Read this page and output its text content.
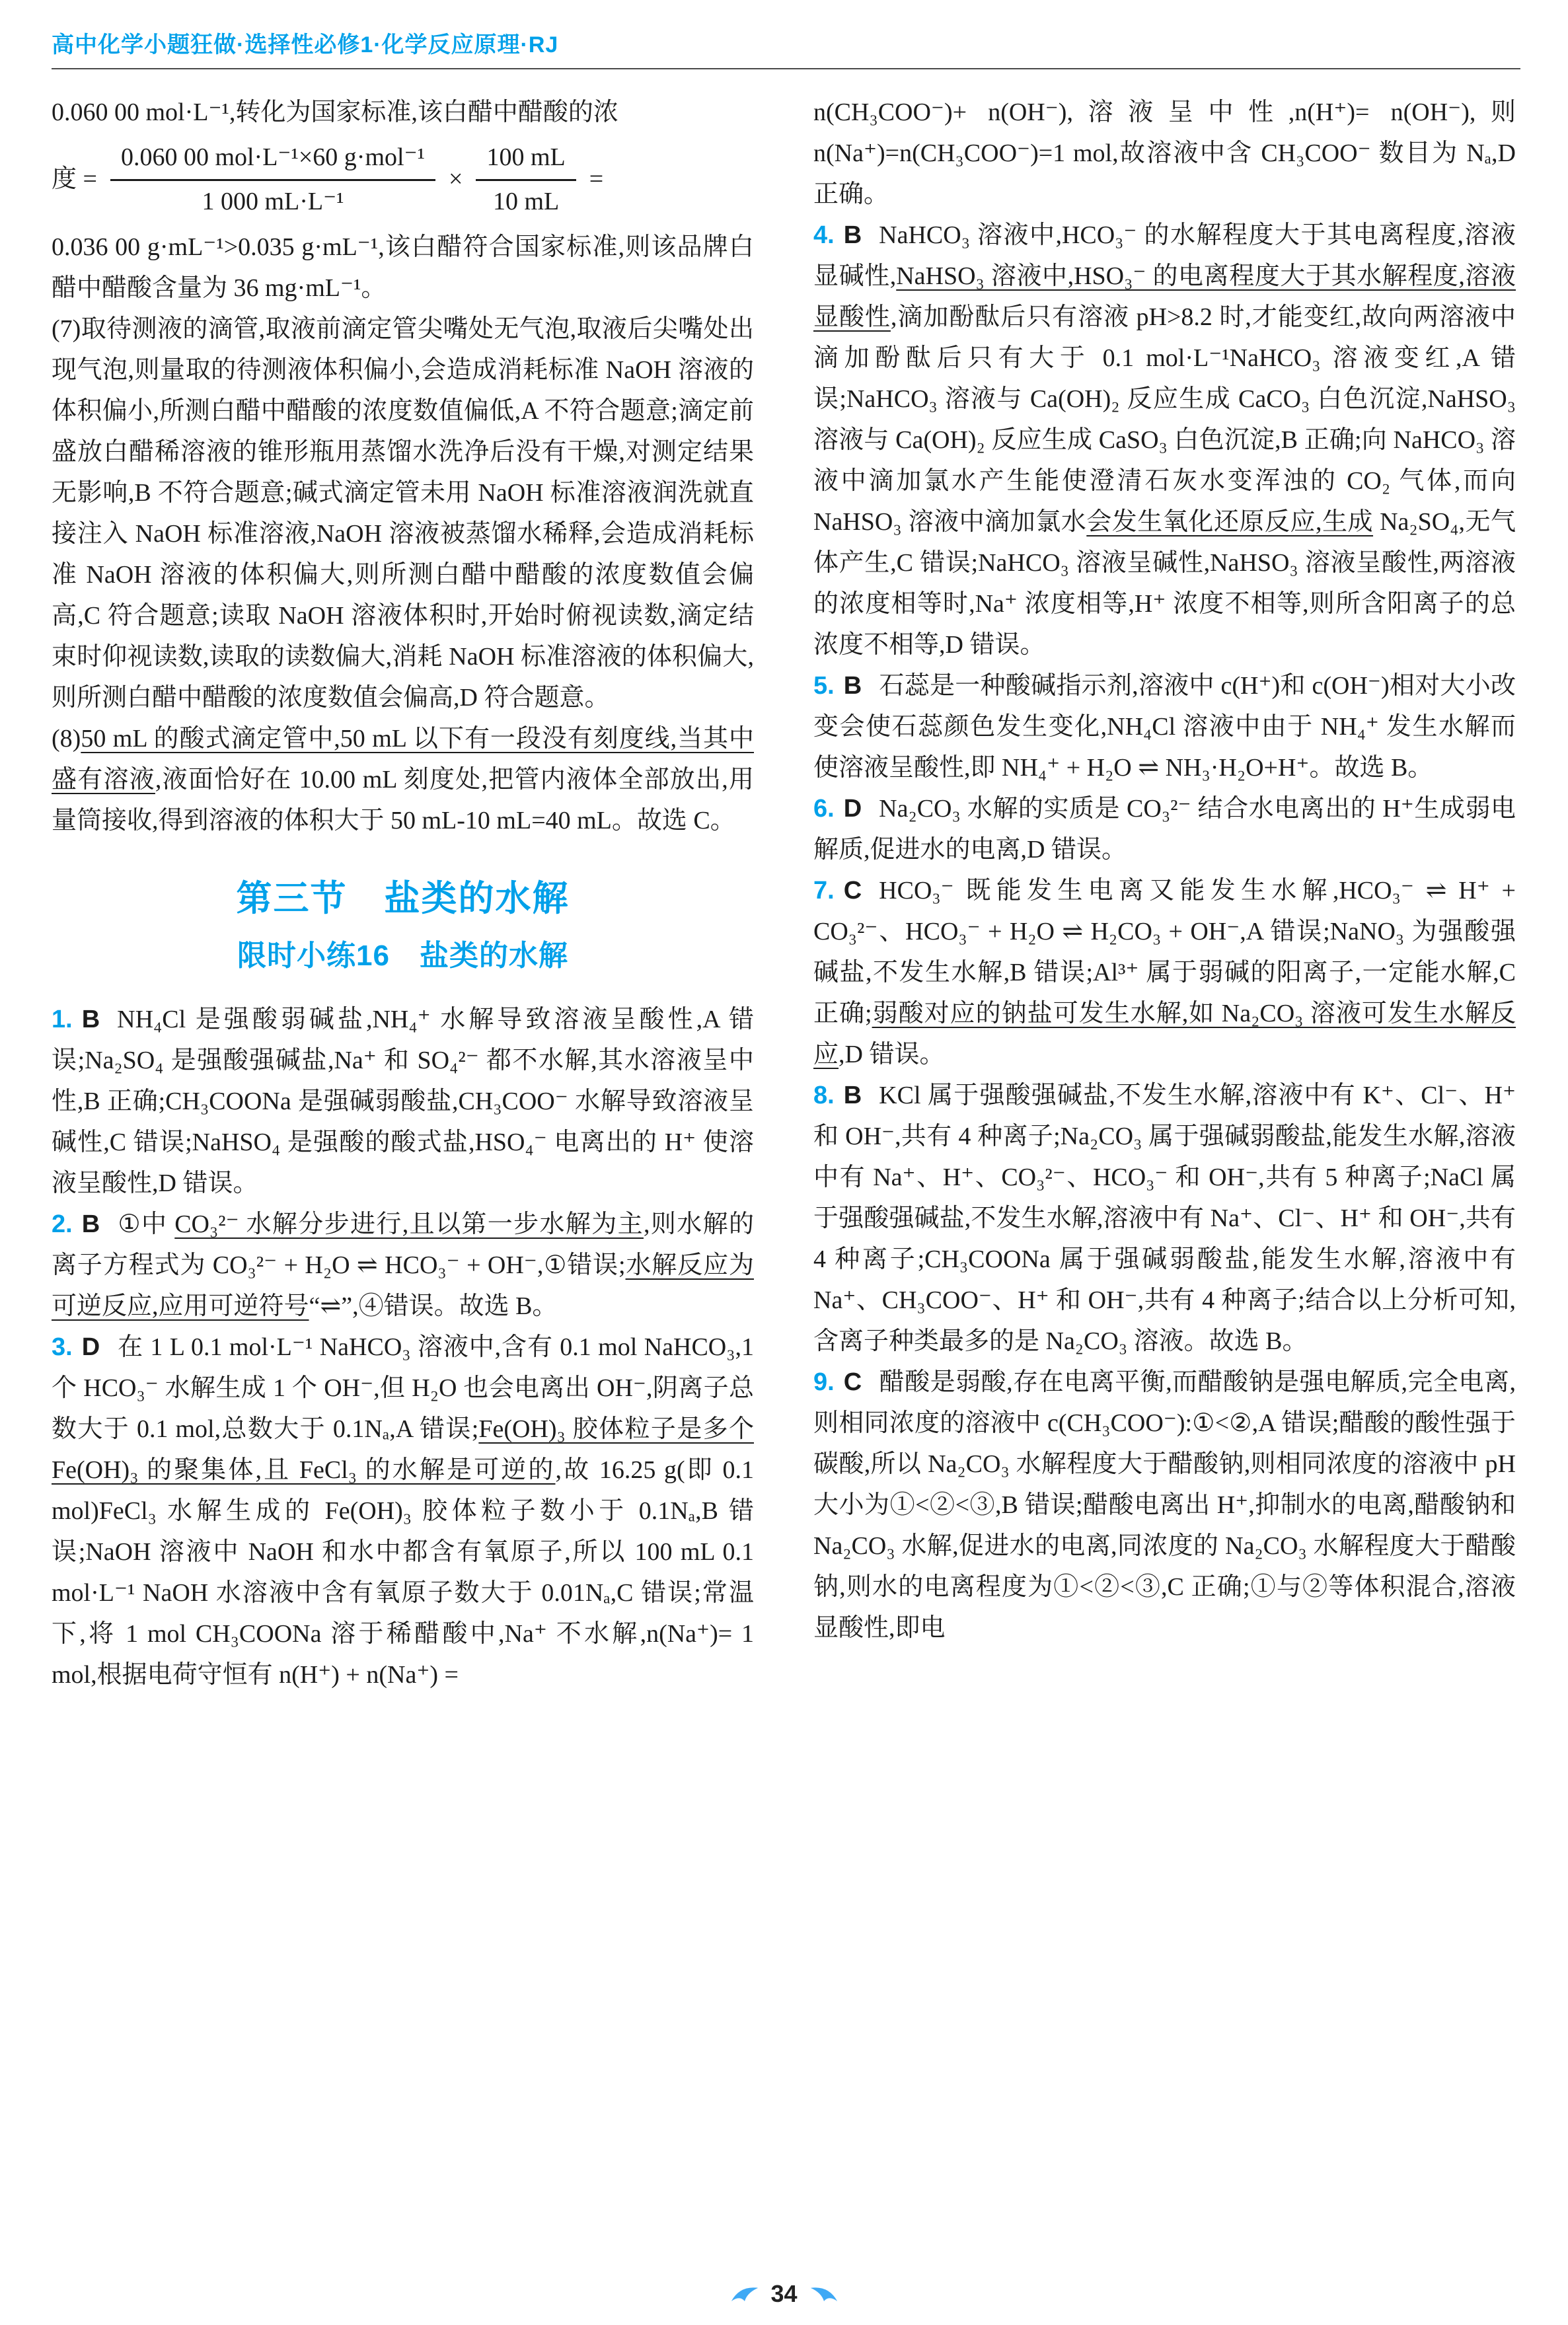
高中化学小题狂做·选择性必修1·化学反应原理·RJ

0.060 00 mol·L⁻¹,转化为国家标准,该白醋中醋酸的浓

度 = $\frac{\text{0.060 00 mol·L⁻¹×60 g·mol⁻¹}}{\text{1 000 mL·L⁻¹}} \times \frac{100 mL}{10 mL}$ =

0.036 00 g·mL⁻¹>0.035 g·mL⁻¹,该白醋符合国家标准,则该品牌白醋中醋酸含量为 36 mg·mL⁻¹。

(7)取待测液的滴管,取液前滴定管尖嘴处无气泡,取液后尖嘴处出现气泡,则量取的待测液体积偏小,会造成消耗标准 NaOH 溶液的体积偏小,所测白醋中醋酸的浓度数值偏低,A 不符合题意;滴定前盛放白醋稀溶液的锥形瓶用蒸馏水洗净后没有干燥,对测定结果无影响,B 不符合题意;碱式滴定管未用 NaOH 标准溶液润洗就直接注入 NaOH 标准溶液,NaOH 溶液被蒸馏水稀释,会造成消耗标准 NaOH 溶液的体积偏大,则所测白醋中醋酸的浓度数值会偏高,C 符合题意;读取 NaOH 溶液体积时,开始时俯视读数,滴定结束时仰视读数,读取的读数偏大,消耗 NaOH 标准溶液的体积偏大,则所测白醋中醋酸的浓度数值会偏高,D 符合题意。

(8)50 mL 的酸式滴定管中,50 mL 以下有一段没有刻度线,当其中盛有溶液,液面恰好在 10.00 mL 刻度处,把管内液体全部放出,用量筒接收,得到溶液的体积大于 50 mL-10 mL=40 mL。故选 C。

第三节　盐类的水解
限时小练16　盐类的水解

1. B NH₄Cl 是强酸弱碱盐,NH₄⁺ 水解导致溶液呈酸性,A 错误;Na₂SO₄ 是强酸强碱盐,Na⁺ 和 SO₄²⁻ 都不水解,其水溶液呈中性,B 正确;CH₃COONa 是强碱弱酸盐,CH₃COO⁻ 水解导致溶液呈碱性,C 错误;NaHSO₄ 是强酸的酸式盐,HSO₄⁻ 电离出的 H⁺ 使溶液呈酸性,D 错误。

2. B ①中 CO₃²⁻ 水解分步进行,且以第一步水解为主,则水解的离子方程式为 CO₃²⁻ + H₂O ⇌ HCO₃⁻ + OH⁻,①错误;水解反应为可逆反应,应用可逆符号“⇌”,④错误。故选 B。

3. D 在 1 L 0.1 mol·L⁻¹ NaHCO₃ 溶液中,含有 0.1 mol NaHCO₃,1 个 HCO₃⁻ 水解生成 1 个 OH⁻,但 H₂O 也会电离出 OH⁻,阴离子总数大于 0.1 mol,总数大于 0.1Nₐ,A 错误;Fe(OH)₃ 胶体粒子是多个 Fe(OH)₃ 的聚集体,且 FeCl₃ 的水解是可逆的,故 16.25 g(即 0.1 mol)FeCl₃ 水解生成的 Fe(OH)₃ 胶体粒子数小于 0.1Nₐ,B 错误;NaOH 溶液中 NaOH 和水中都含有氧原子,所以 100 mL 0.1 mol·L⁻¹ NaOH 水溶液中含有氧原子数大于 0.01Nₐ,C 错误;常温下,将 1 mol CH₃COONa 溶于稀醋酸中,Na⁺ 不水解,n(Na⁺)= 1 mol,根据电荷守恒有 n(H⁺) + n(Na⁺) =

n(CH₃COO⁻)+ n(OH⁻),溶液呈中性,n(H⁺)= n(OH⁻),则 n(Na⁺)=n(CH₃COO⁻)=1 mol,故溶液中含 CH₃COO⁻ 数目为 Nₐ,D 正确。

4. B NaHCO₃ 溶液中,HCO₃⁻ 的水解程度大于其电离程度,溶液显碱性,NaHSO₃ 溶液中,HSO₃⁻ 的电离程度大于其水解程度,溶液显酸性,滴加酚酞后只有溶液 pH>8.2 时,才能变红,故向两溶液中滴加酚酞后只有大于 0.1 mol·L⁻¹NaHCO₃ 溶液变红,A 错误;NaHCO₃ 溶液与 Ca(OH)₂ 反应生成 CaCO₃ 白色沉淀,NaHSO₃ 溶液与 Ca(OH)₂ 反应生成 CaSO₃ 白色沉淀,B 正确;向 NaHCO₃ 溶液中滴加氯水产生能使澄清石灰水变浑浊的 CO₂ 气体,而向 NaHSO₃ 溶液中滴加氯水会发生氧化还原反应,生成 Na₂SO₄,无气体产生,C 错误;NaHCO₃ 溶液呈碱性,NaHSO₃ 溶液呈酸性,两溶液的浓度相等时,Na⁺ 浓度相等,H⁺ 浓度不相等,则所含阳离子的总浓度不相等,D 错误。

5. B 石蕊是一种酸碱指示剂,溶液中 c(H⁺)和 c(OH⁻)相对大小改变会使石蕊颜色发生变化,NH₄Cl 溶液中由于 NH₄⁺ 发生水解而使溶液呈酸性,即 NH₄⁺ + H₂O ⇌ NH₃·H₂O+H⁺。故选 B。

6. D Na₂CO₃ 水解的实质是 CO₃²⁻ 结合水电离出的 H⁺生成弱电解质,促进水的电离,D 错误。

7. C HCO₃⁻ 既能发生电离又能发生水解,HCO₃⁻ ⇌ H⁺ + CO₃²⁻、HCO₃⁻ + H₂O ⇌ H₂CO₃ + OH⁻,A 错误;NaNO₃ 为强酸强碱盐,不发生水解,B 错误;Al³⁺ 属于弱碱的阳离子,一定能水解,C 正确;弱酸对应的钠盐可发生水解,如 Na₂CO₃ 溶液可发生水解反应,D 错误。

8. B KCl 属于强酸强碱盐,不发生水解,溶液中有 K⁺、Cl⁻、H⁺ 和 OH⁻,共有 4 种离子;Na₂CO₃ 属于强碱弱酸盐,能发生水解,溶液中有 Na⁺、H⁺、CO₃²⁻、HCO₃⁻ 和 OH⁻,共有 5 种离子;NaCl 属于强酸强碱盐,不发生水解,溶液中有 Na⁺、Cl⁻、H⁺ 和 OH⁻,共有 4 种离子;CH₃COONa 属于强碱弱酸盐,能发生水解,溶液中有 Na⁺、CH₃COO⁻、H⁺ 和 OH⁻,共有 4 种离子;结合以上分析可知,含离子种类最多的是 Na₂CO₃ 溶液。故选 B。

9. C 醋酸是弱酸,存在电离平衡,而醋酸钠是强电解质,完全电离,则相同浓度的溶液中 c(CH₃COO⁻):①<②,A 错误;醋酸的酸性强于碳酸,所以 Na₂CO₃ 水解程度大于醋酸钠,则相同浓度的溶液中 pH 大小为①<②<③,B 错误;醋酸电离出 H⁺,抑制水的电离,醋酸钠和 Na₂CO₃ 水解,促进水的电离,同浓度的 Na₂CO₃ 水解程度大于醋酸钠,则水的电离程度为①<②<③,C 正确;①与②等体积混合,溶液显酸性,即电

34
